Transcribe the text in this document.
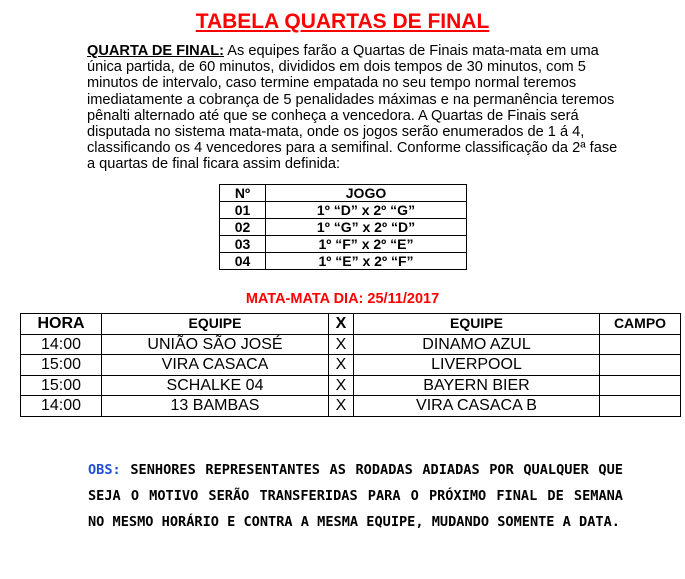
TABELA QUARTAS DE FINAL
QUARTA DE FINAL: As equipes farão a Quartas de Finais mata-mata em uma única partida, de 60 minutos, divididos em dois tempos de 30 minutos, com 5 minutos de intervalo, caso termine empatada no seu tempo normal teremos imediatamente a cobrança de 5 penalidades máximas e na permanência teremos pênalti alternado até que se conheça a vencedora. A Quartas de Finais será disputada no sistema mata-mata, onde os jogos serão enumerados de 1 á 4, classificando os 4 vencedores para a semifinal. Conforme classificação da 2ª fase a quartas de final ficara assim definida:
Nº	JOGO
01	1º “D” x 2º “G”
02	1º “G” x 2º “D”
03	1º “F” x 2º “E”
04	1º “E” x 2º “F”
MATA-MATA DIA: 25/11/2017
HORA	EQUIPE	X	EQUIPE	CAMPO
14:00	UNIÃO SÃO JOSÉ	X	DINAMO AZUL	
15:00	VIRA CASACA	X	LIVERPOOL	
15:00	SCHALKE 04	X	BAYERN BIER	
14:00	13 BAMBAS	X	VIRA CASACA B	
OBS: SENHORES REPRESENTANTES AS RODADAS ADIADAS POR QUALQUER QUE SEJA O MOTIVO SERÃO TRANSFERIDAS PARA O PRÓXIMO FINAL DE SEMANA NO MESMO HORÁRIO E CONTRA A MESMA EQUIPE, MUDANDO SOMENTE A DATA.
